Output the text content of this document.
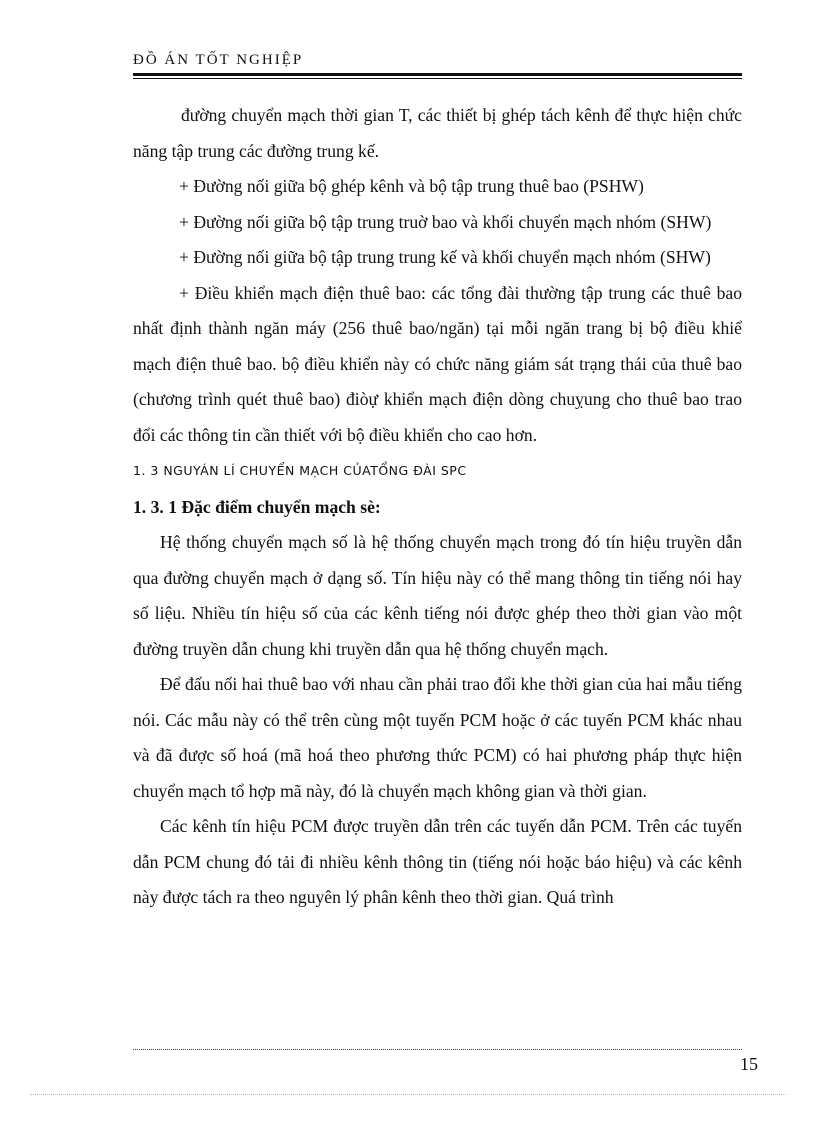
ĐỒ ÁN TỐT NGHIỆP

đường chuyển mạch thời gian T, các thiết bị ghép tách kênh để thực hiện chức năng tập trung các đường trung kế.

+ Đường nối giữa bộ ghép kênh và bộ tập trung thuê bao (PSHW)

+ Đường nối giữa bộ tập trung truờ bao và khối chuyển mạch nhóm (SHW)

+ Đường nối giữa bộ tập trung trung kế và khối chuyển mạch nhóm (SHW)

+ Điều khiển mạch điện thuê bao: các tổng đài thường tập trung các thuê bao nhất định thành ngăn máy (256 thuê bao/ngăn) tại mỗi ngăn trang bị bộ điều khiể mạch điện thuê bao. bộ điều khiển này có chức năng giám sát trạng thái của thuê bao (chương trình quét thuê bao) điòự khiển mạch điện dòng chuỵung cho thuê bao trao đổi các thông tin cần thiết với bộ điều khiển cho cao hơn.

1. 3 NGUYÁN LÍ CHUYỂN MẠCH CỦATỔNG ĐÀI SPC

1. 3. 1 Đặc điểm chuyển mạch sè:

Hệ thống chuyển mạch số là hệ thống chuyển mạch trong đó tín hiệu truyền dẫn qua đường chuyển mạch ở dạng số. Tín hiệu này có thể mang thông tin tiếng nói hay số liệu. Nhiều tín hiệu số của các kênh tiếng nói được ghép theo thời gian vào một đường truyền dẫn chung khi truyền dẫn qua hệ thống chuyển mạch.

Để đấu nối hai thuê bao với nhau cần phải trao đổi khe thời gian của hai mẫu tiếng nói. Các mẫu này có thể trên cùng một tuyến PCM hoặc ở các tuyến PCM khác nhau và đã được số hoá (mã hoá theo phương thức PCM) có hai phương pháp thực hiện chuyển mạch tổ hợp mã này, đó là chuyển mạch không gian và thời gian.

Các kênh tín hiệu PCM được truyền dẫn trên các tuyến dẫn PCM. Trên các tuyến dẫn PCM chung đó tải đi nhiều kênh thông tin (tiếng nói hoặc báo hiệu) và các kênh này được tách ra theo nguyên lý phân kênh theo thời gian. Quá trình

15
